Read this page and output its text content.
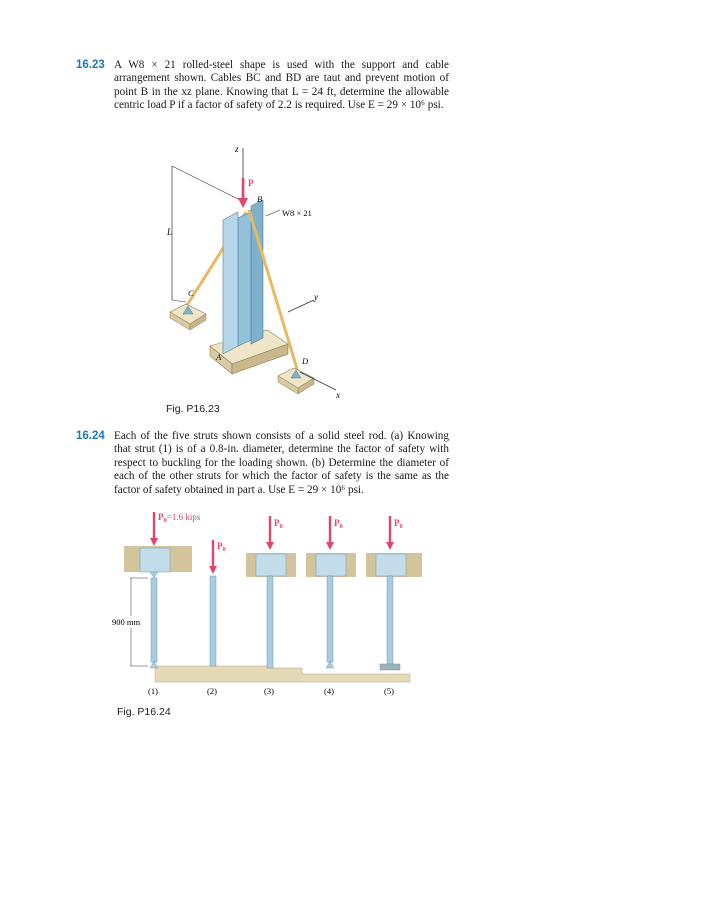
16.23 A W8 × 21 rolled-steel shape is used with the support and cable arrangement shown. Cables BC and BD are taut and prevent motion of point B in the xz plane. Knowing that L = 24 ft, determine the allowable centric load P if a factor of safety of 2.2 is required. Use E = 29 × 10⁶ psi.
z
L
y
x
P
B
W8 × 21
C
A	D
Fig. P16.23
16.24 Each of the five struts shown consists of a solid steel rod. (a) Knowing that strut (1) is of a 0.8-in. diameter, determine the factor of safety with respect to buckling for the loading shown. (b) Determine the diameter of each of the other struts for which the factor of safety is the same as the factor of safety obtained in part a. Use E = 29 × 10⁶ psi.
$P_0=1.6$ kips
$P_0$
$P_0$	$P_0$	$P_0$
900 mm
(1)	(2)	(3)	(4)	(5)
Fig. P16.24
